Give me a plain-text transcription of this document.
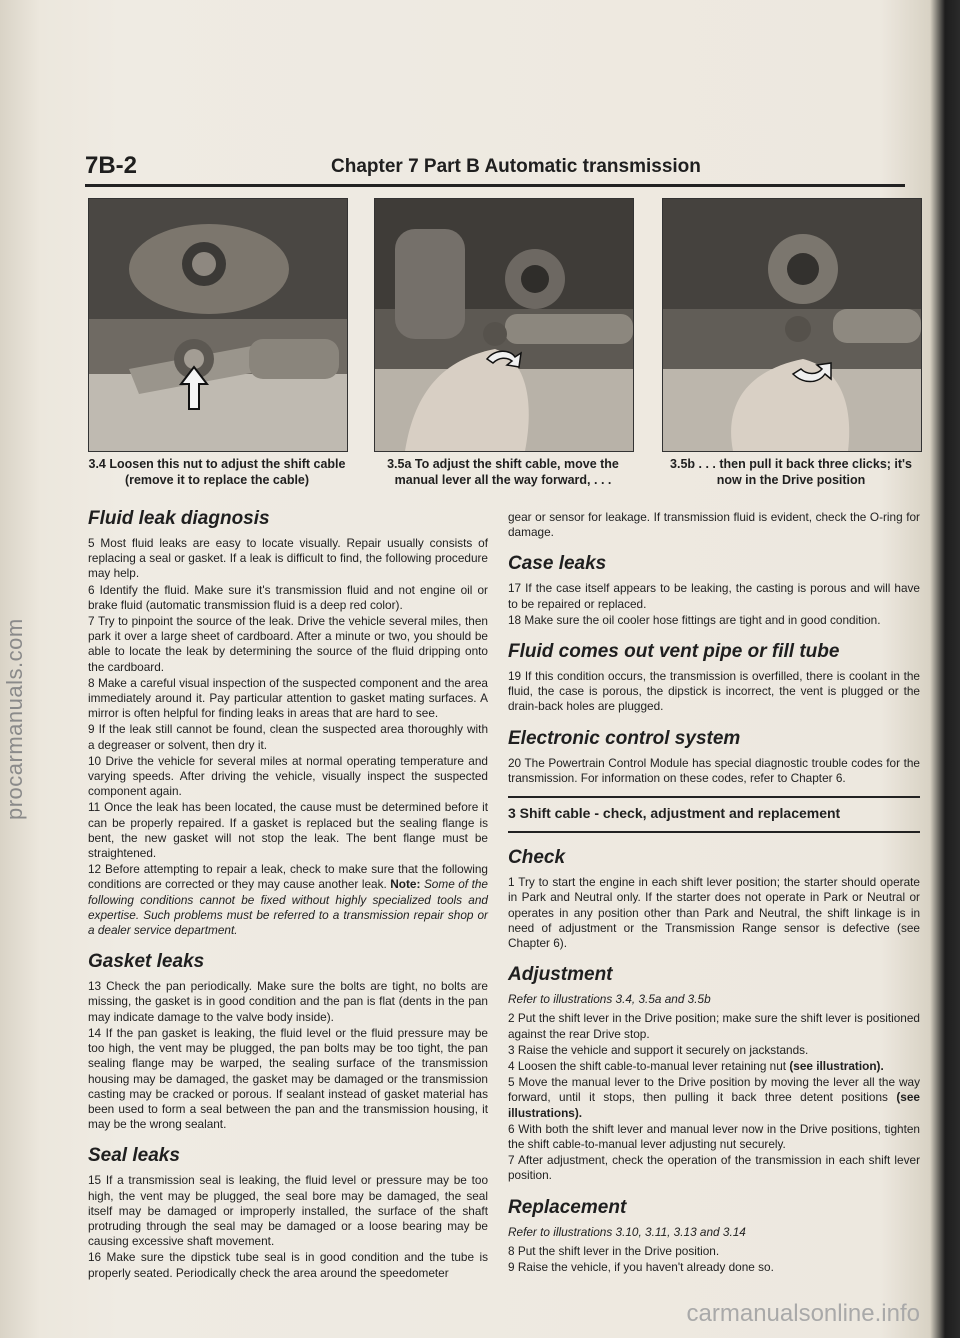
procarmanuals.com
carmanualsonline.info
7B-2	Chapter 7 Part B Automatic transmission
3.4 Loosen this nut to adjust the shift cable (remove it to replace the cable)
3.5a To adjust the shift cable, move the manual lever all the way forward, . . .
3.5b . . . then pull it back three clicks; it's now in the Drive position
Fluid leak diagnosis

5 Most fluid leaks are easy to locate visually. Repair usually consists of replacing a seal or gasket. If a leak is difficult to find, the following procedure may help.

6 Identify the fluid. Make sure it's transmission fluid and not engine oil or brake fluid (automatic transmission fluid is a deep red color).

7 Try to pinpoint the source of the leak. Drive the vehicle several miles, then park it over a large sheet of cardboard. After a minute or two, you should be able to locate the leak by determining the source of the fluid dripping onto the cardboard.

8 Make a careful visual inspection of the suspected component and the area immediately around it. Pay particular attention to gasket mating surfaces. A mirror is often helpful for finding leaks in areas that are hard to see.

9 If the leak still cannot be found, clean the suspected area thoroughly with a degreaser or solvent, then dry it.

10 Drive the vehicle for several miles at normal operating temperature and varying speeds. After driving the vehicle, visually inspect the suspected component again.

11 Once the leak has been located, the cause must be determined before it can be properly repaired. If a gasket is replaced but the sealing flange is bent, the new gasket will not stop the leak. The bent flange must be straightened.

12 Before attempting to repair a leak, check to make sure that the following conditions are corrected or they may cause another leak. Note: Some of the following conditions cannot be fixed without highly specialized tools and expertise. Such problems must be referred to a transmission repair shop or a dealer service department.

Gasket leaks

13 Check the pan periodically. Make sure the bolts are tight, no bolts are missing, the gasket is in good condition and the pan is flat (dents in the pan may indicate damage to the valve body inside).

14 If the pan gasket is leaking, the fluid level or the fluid pressure may be too high, the vent may be plugged, the pan bolts may be too tight, the pan sealing flange may be warped, the sealing surface of the transmission housing may be damaged, the gasket may be damaged or the transmission casting may be cracked or porous. If sealant instead of gasket material has been used to form a seal between the pan and the transmission housing, it may be the wrong sealant.

Seal leaks

15 If a transmission seal is leaking, the fluid level or pressure may be too high, the vent may be plugged, the seal bore may be damaged, the seal itself may be damaged or improperly installed, the surface of the shaft protruding through the seal may be damaged or a loose bearing may be causing excessive shaft movement.

16 Make sure the dipstick tube seal is in good condition and the tube is properly seated. Periodically check the area around the speedometer

gear or sensor for leakage. If transmission fluid is evident, check the O-ring for damage.

Case leaks

17 If the case itself appears to be leaking, the casting is porous and will have to be repaired or replaced.

18 Make sure the oil cooler hose fittings are tight and in good condition.

Fluid comes out vent pipe or fill tube

19 If this condition occurs, the transmission is overfilled, there is coolant in the fluid, the case is porous, the dipstick is incorrect, the vent is plugged or the drain-back holes are plugged.

Electronic control system

20 The Powertrain Control Module has special diagnostic trouble codes for the transmission. For information on these codes, refer to Chapter 6.

3 Shift cable - check, adjustment and replacement
Check

1 Try to start the engine in each shift lever position; the starter should operate in Park and Neutral only. If the starter does not operate in Park or Neutral or operates in any position other than Park and Neutral, the shift linkage is in need of adjustment or the Transmission Range sensor is defective (see Chapter 6).

Adjustment

Refer to illustrations 3.4, 3.5a and 3.5b

2 Put the shift lever in the Drive position; make sure the shift lever is positioned against the rear Drive stop.

3 Raise the vehicle and support it securely on jackstands.

4 Loosen the shift cable-to-manual lever retaining nut (see illustration).

5 Move the manual lever to the Drive position by moving the lever all the way forward, until it stops, then pulling it back three detent positions (see illustrations).

6 With both the shift lever and manual lever now in the Drive positions, tighten the shift cable-to-manual lever adjusting nut securely.

7 After adjustment, check the operation of the transmission in each shift lever position.

Replacement

Refer to illustrations 3.10, 3.11, 3.13 and 3.14

8 Put the shift lever in the Drive position.

9 Raise the vehicle, if you haven't already done so.
